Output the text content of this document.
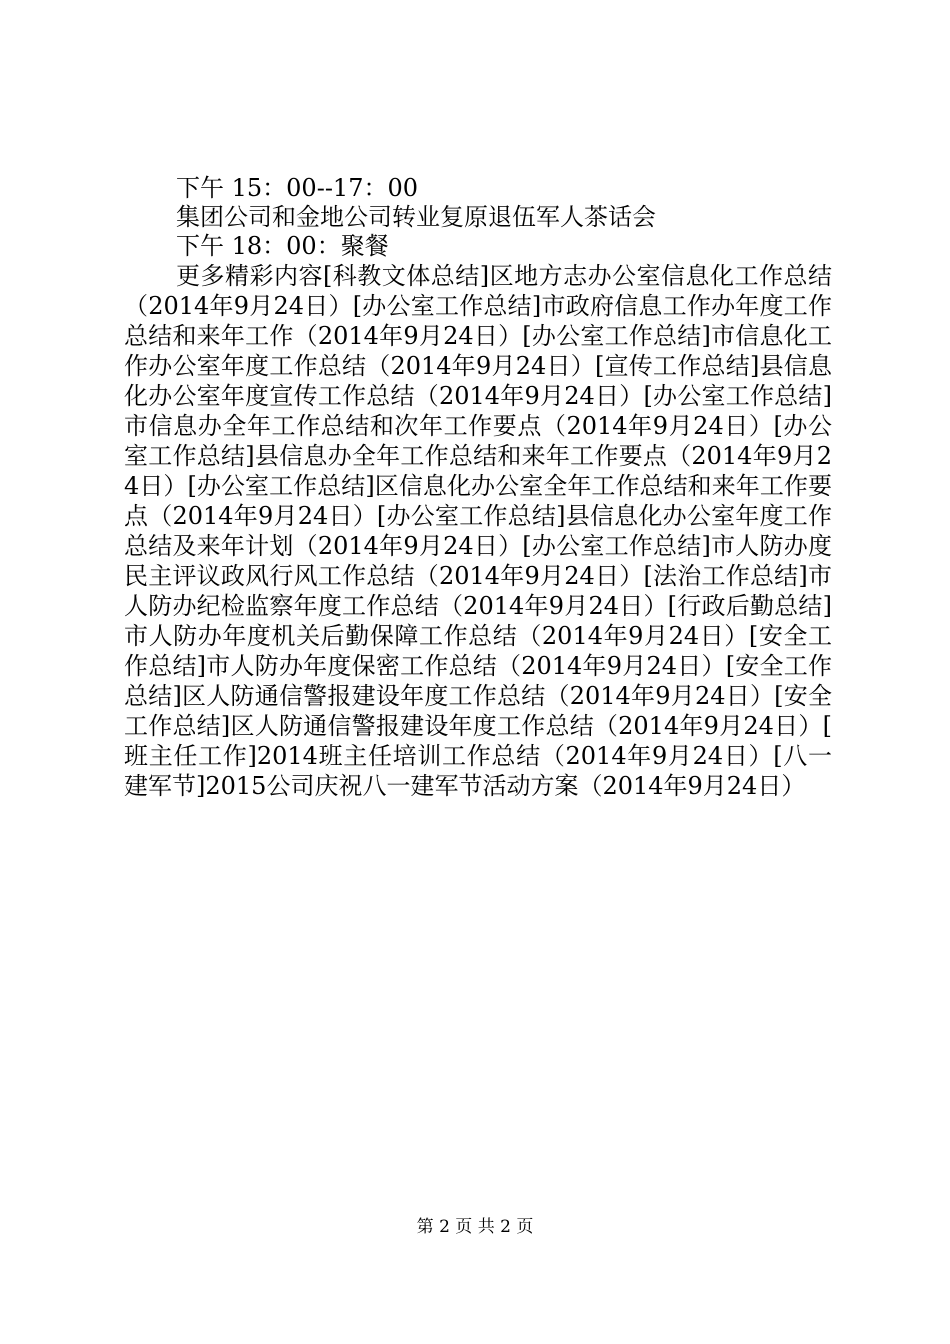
下午 15：00--17：00

集团公司和金地公司转业复原退伍军人茶话会

下午 18：00：聚餐

更多精彩内容[科教文体总结]区地方志办公室信息化工作总结（2014年9月24日）[办公室工作总结]市政府信息工作办年度工作总结和来年工作（2014年9月24日）[办公室工作总结]市信息化工作办公室年度工作总结（2014年9月24日）[宣传工作总结]县信息化办公室年度宣传工作总结（2014年9月24日）[办公室工作总结]市信息办全年工作总结和次年工作要点（2014年9月24日）[办公室工作总结]县信息办全年工作总结和来年工作要点（2014年9月24日）[办公室工作总结]区信息化办公室全年工作总结和来年工作要点（2014年9月24日）[办公室工作总结]县信息化办公室年度工作总结及来年计划（2014年9月24日）[办公室工作总结]市人防办度民主评议政风行风工作总结（2014年9月24日）[法治工作总结]市人防办纪检监察年度工作总结（2014年9月24日）[行政后勤总结]市人防办年度机关后勤保障工作总结（2014年9月24日）[安全工作总结]市人防办年度保密工作总结（2014年9月24日）[安全工作总结]区人防通信警报建设年度工作总结（2014年9月24日）[安全工作总结]区人防通信警报建设年度工作总结（2014年9月24日）[班主任工作]2014班主任培训工作总结（2014年9月24日）[八一建军节]2015公司庆祝八一建军节活动方案（2014年9月24日）

第 2 页 共 2 页
